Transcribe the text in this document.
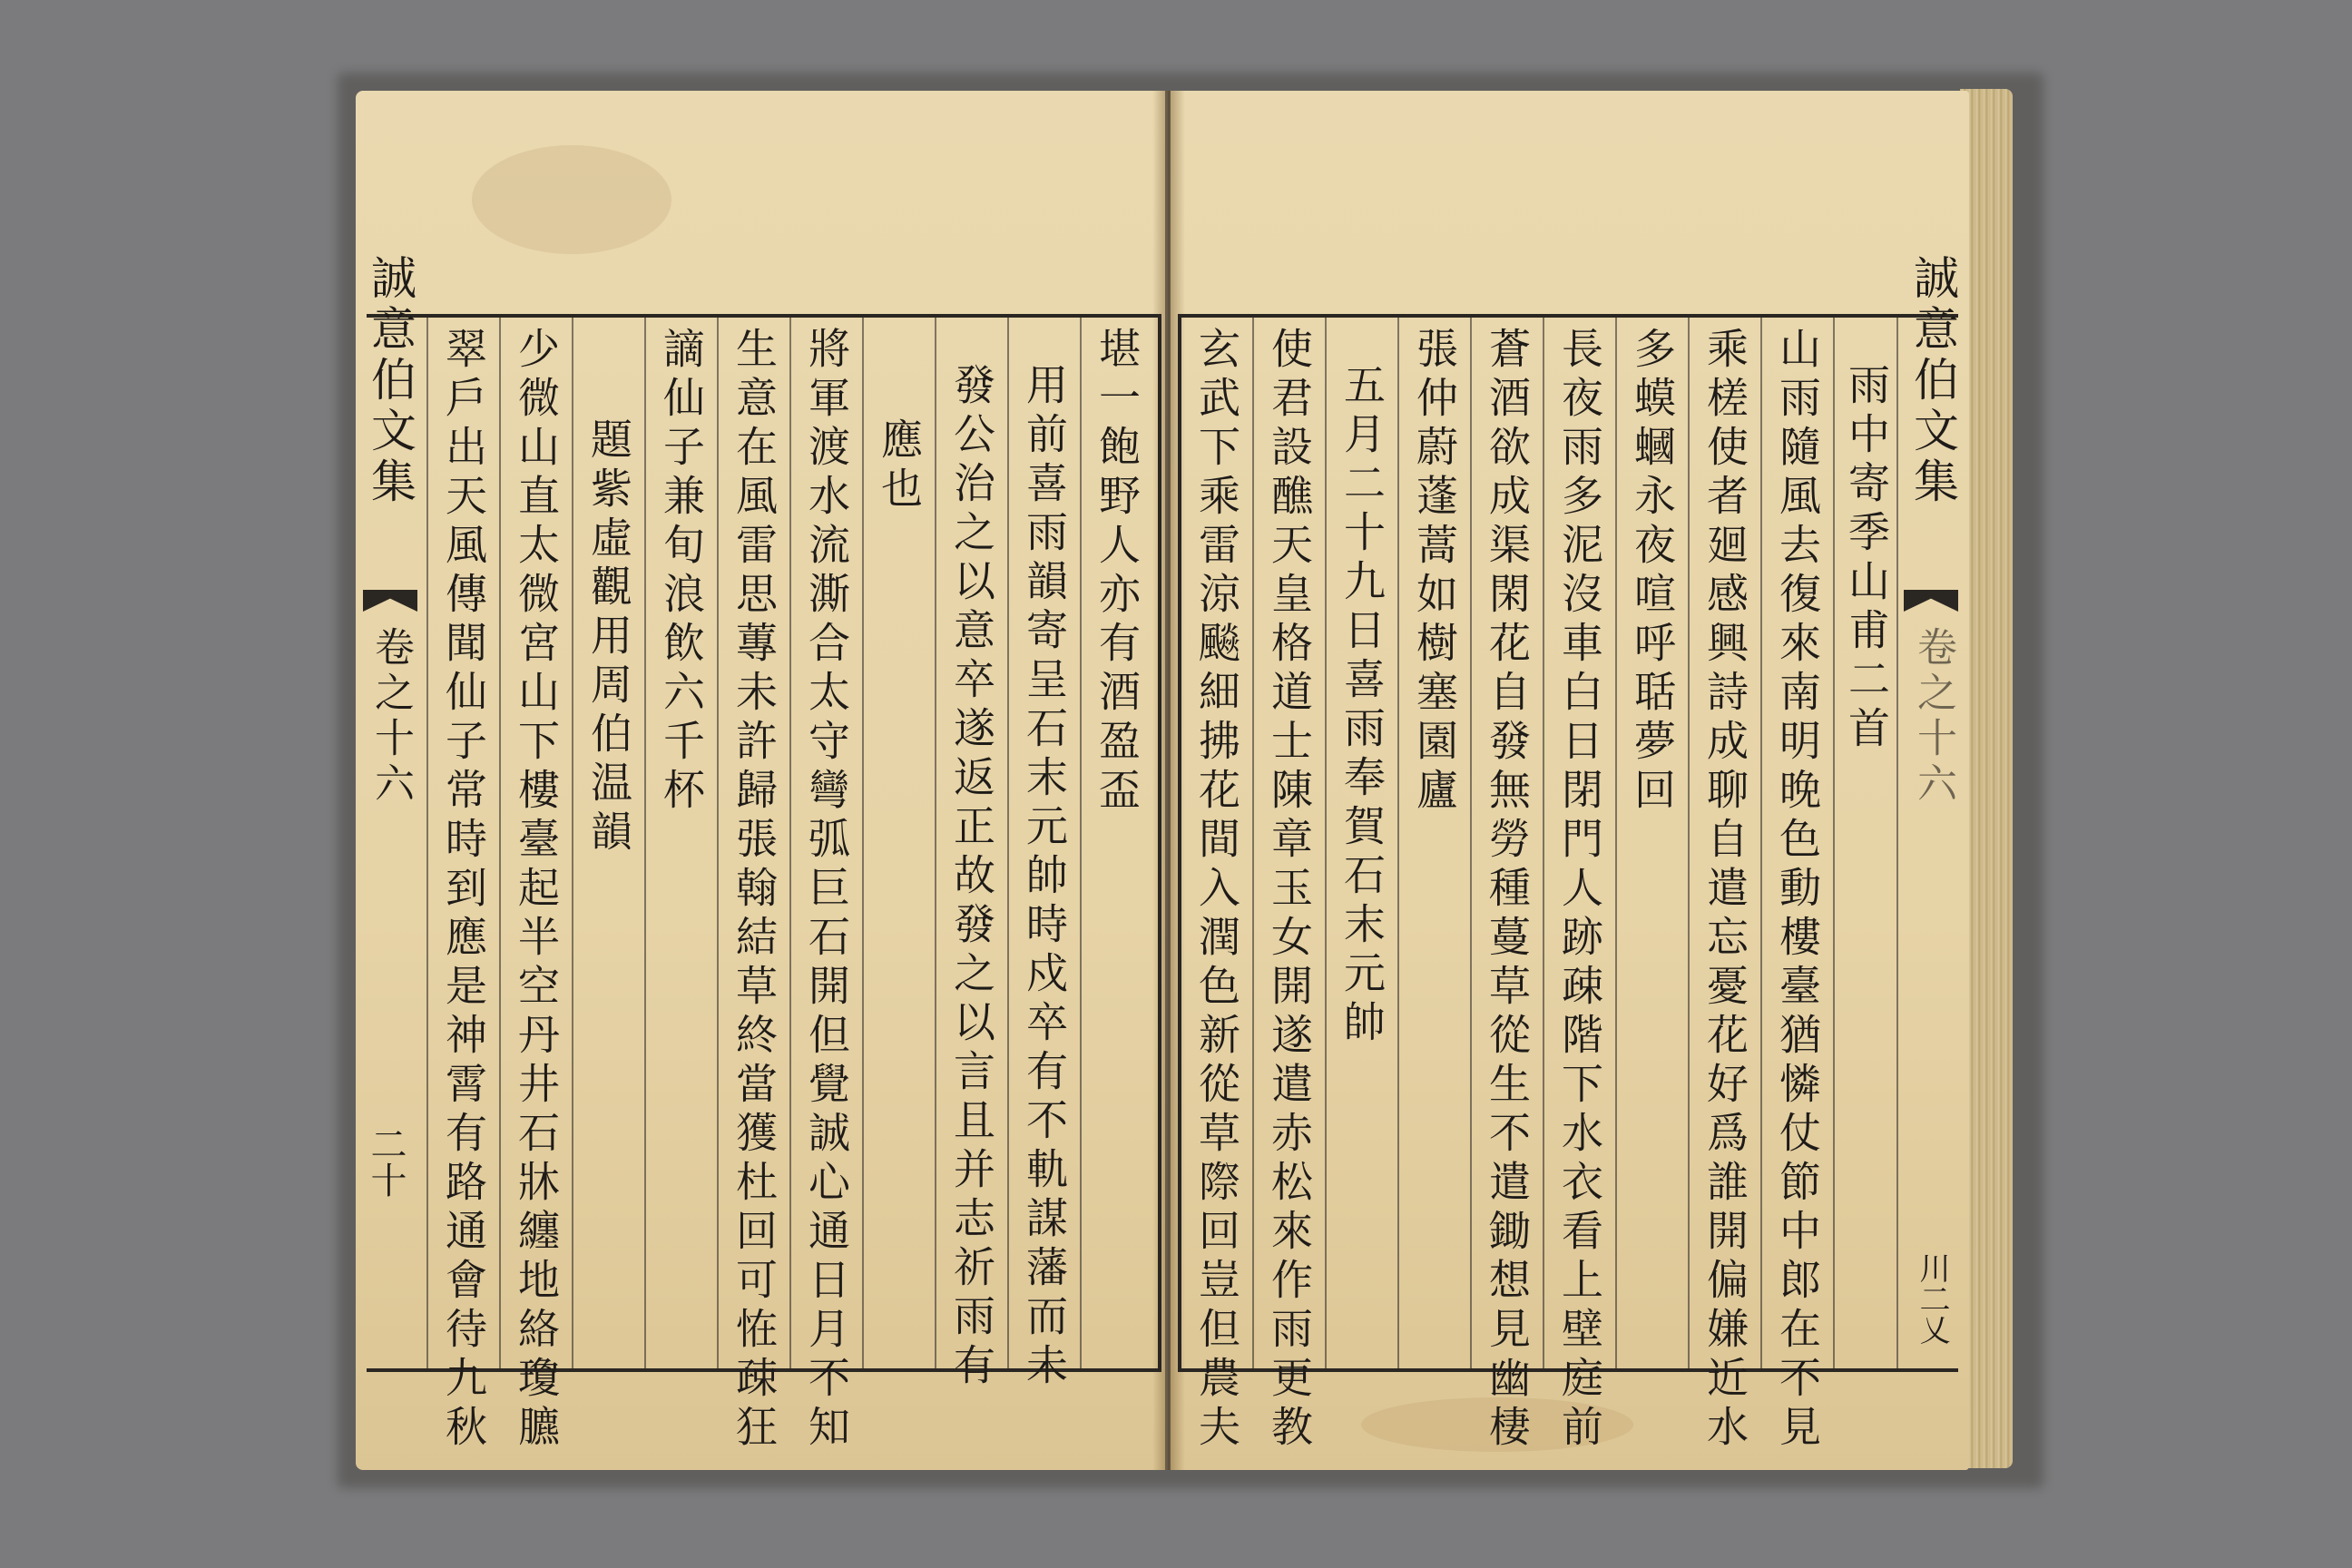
誠意伯文集
卷之十六
二十
堪一飽野人亦有酒盈盃
用前喜雨韻寄呈石末元帥時戍卒有不軌謀藩而未
發公治之以意卒遂返正故發之以言且并志祈雨有
應也
將軍渡水流澌合太守彎弧巨石開但覺誠心通日月不知
生意在風雷思蓴未許歸張翰結草終當獲杜回可恠疎狂
謫仙子兼旬浪飲六千杯
題紫虛觀用周伯温韻
少微山直太微宮山下樓臺起半空丹井石牀纏地絡瓊臕
翠戶出天風傳聞仙子常時到應是神霄有路通會待九秋	誠意伯文集
卷之十六
川二乂
雨中寄季山甫二首
山雨隨風去復來南明晚色動樓臺猶憐仗節中郎在不見
乘槎使者廻感興詩成聊自遣忘憂花好爲誰開偏嫌近水
多蟆蟈永夜喧呼聒夢回
長夜雨多泥沒車白日閉門人跡疎階下水衣看上壁庭前
蒼酒欲成渠閑花自發無勞種蔓草從生不遣鋤想見幽棲
張仲蔚蓬蒿如樹塞園廬
五月二十九日喜雨奉賀石末元帥
使君設醮天皇格道士陳章玉女開遂遣赤松來作雨更教
玄武下乘雷涼飈細拂花間入潤色新從草際回豈但農夫
